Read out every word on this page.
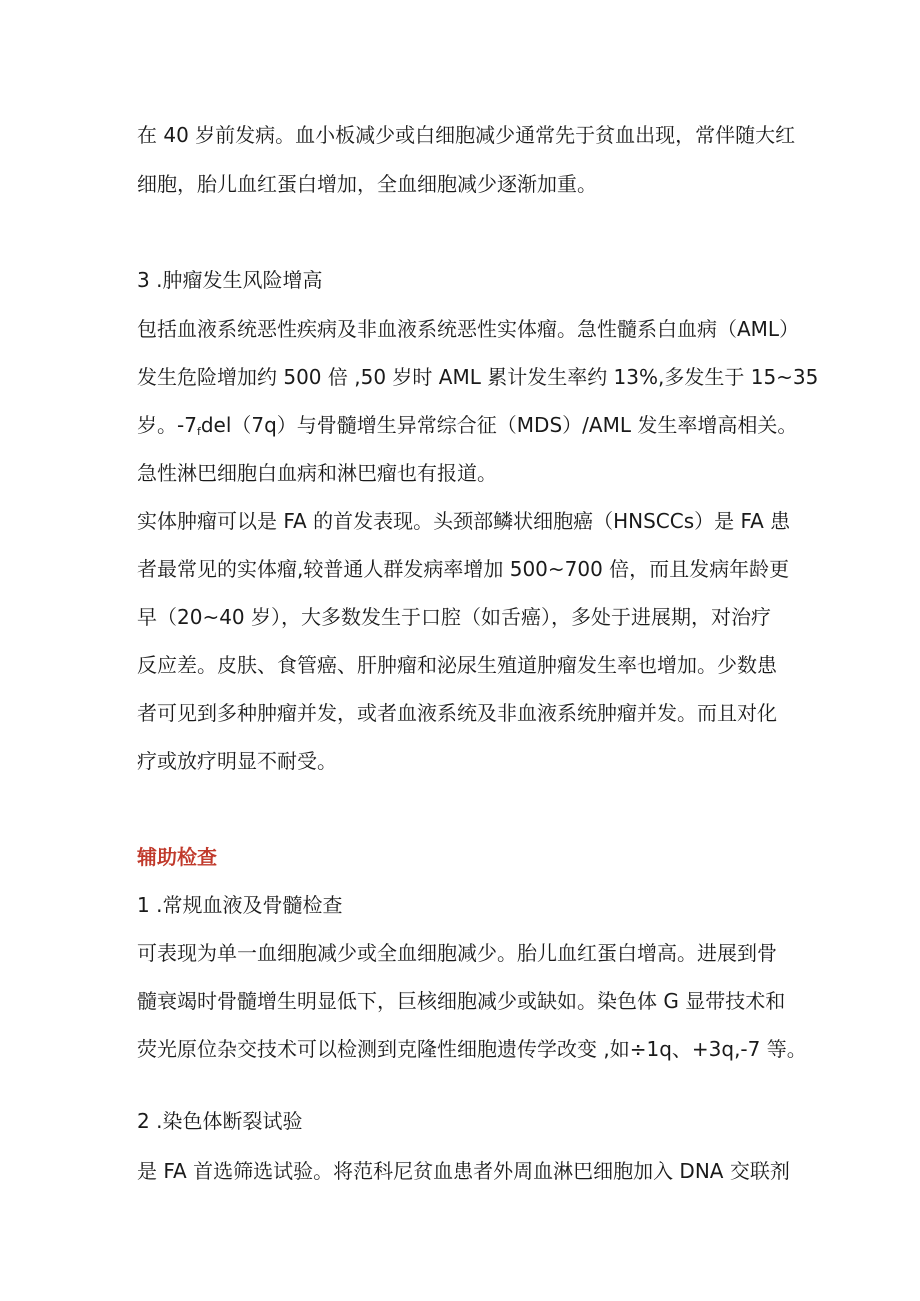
在 40 岁前发病。血小板减少或白细胞减少通常先于贫血出现，常伴随大红
细胞，胎儿血红蛋白增加，全血细胞减少逐渐加重。
3 .肿瘤发生风险增高
包括血液系统恶性疾病及非血液系统恶性实体瘤。急性髓系白血病（AML）
发生危险增加约 500 倍 ,50 岁时 AML 累计发生率约 13%,多发生于 15~35
岁。$-7_fdel(7q)$与骨髓增生异常综合征（MDS）/AML 发生率增高相关。
急性淋巴细胞白血病和淋巴瘤也有报道。
实体肿瘤可以是 FA 的首发表现。头颈部鳞状细胞癌（HNSCCs）是 FA 患
者最常见的实体瘤,较普通人群发病率增加 500~700 倍，而且发病年龄更
早（20~40 岁），大多数发生于口腔（如舌癌），多处于进展期，对治疗
反应差。皮肤、食管癌、肝肿瘤和泌尿生殖道肿瘤发生率也增加。少数患
者可见到多种肿瘤并发，或者血液系统及非血液系统肿瘤并发。而且对化
疗或放疗明显不耐受。
辅助检查
1 .常规血液及骨髓检查
可表现为单一血细胞减少或全血细胞减少。胎儿血红蛋白增高。进展到骨
髓衰竭时骨髓增生明显低下，巨核细胞减少或缺如。染色体 G 显带技术和
荧光原位杂交技术可以检测到克隆性细胞遗传学改变 ,如÷1q、+3q,-7 等。
2 .染色体断裂试验
是 FA 首选筛选试验。将范科尼贫血患者外周血淋巴细胞加入 DNA 交联剂
